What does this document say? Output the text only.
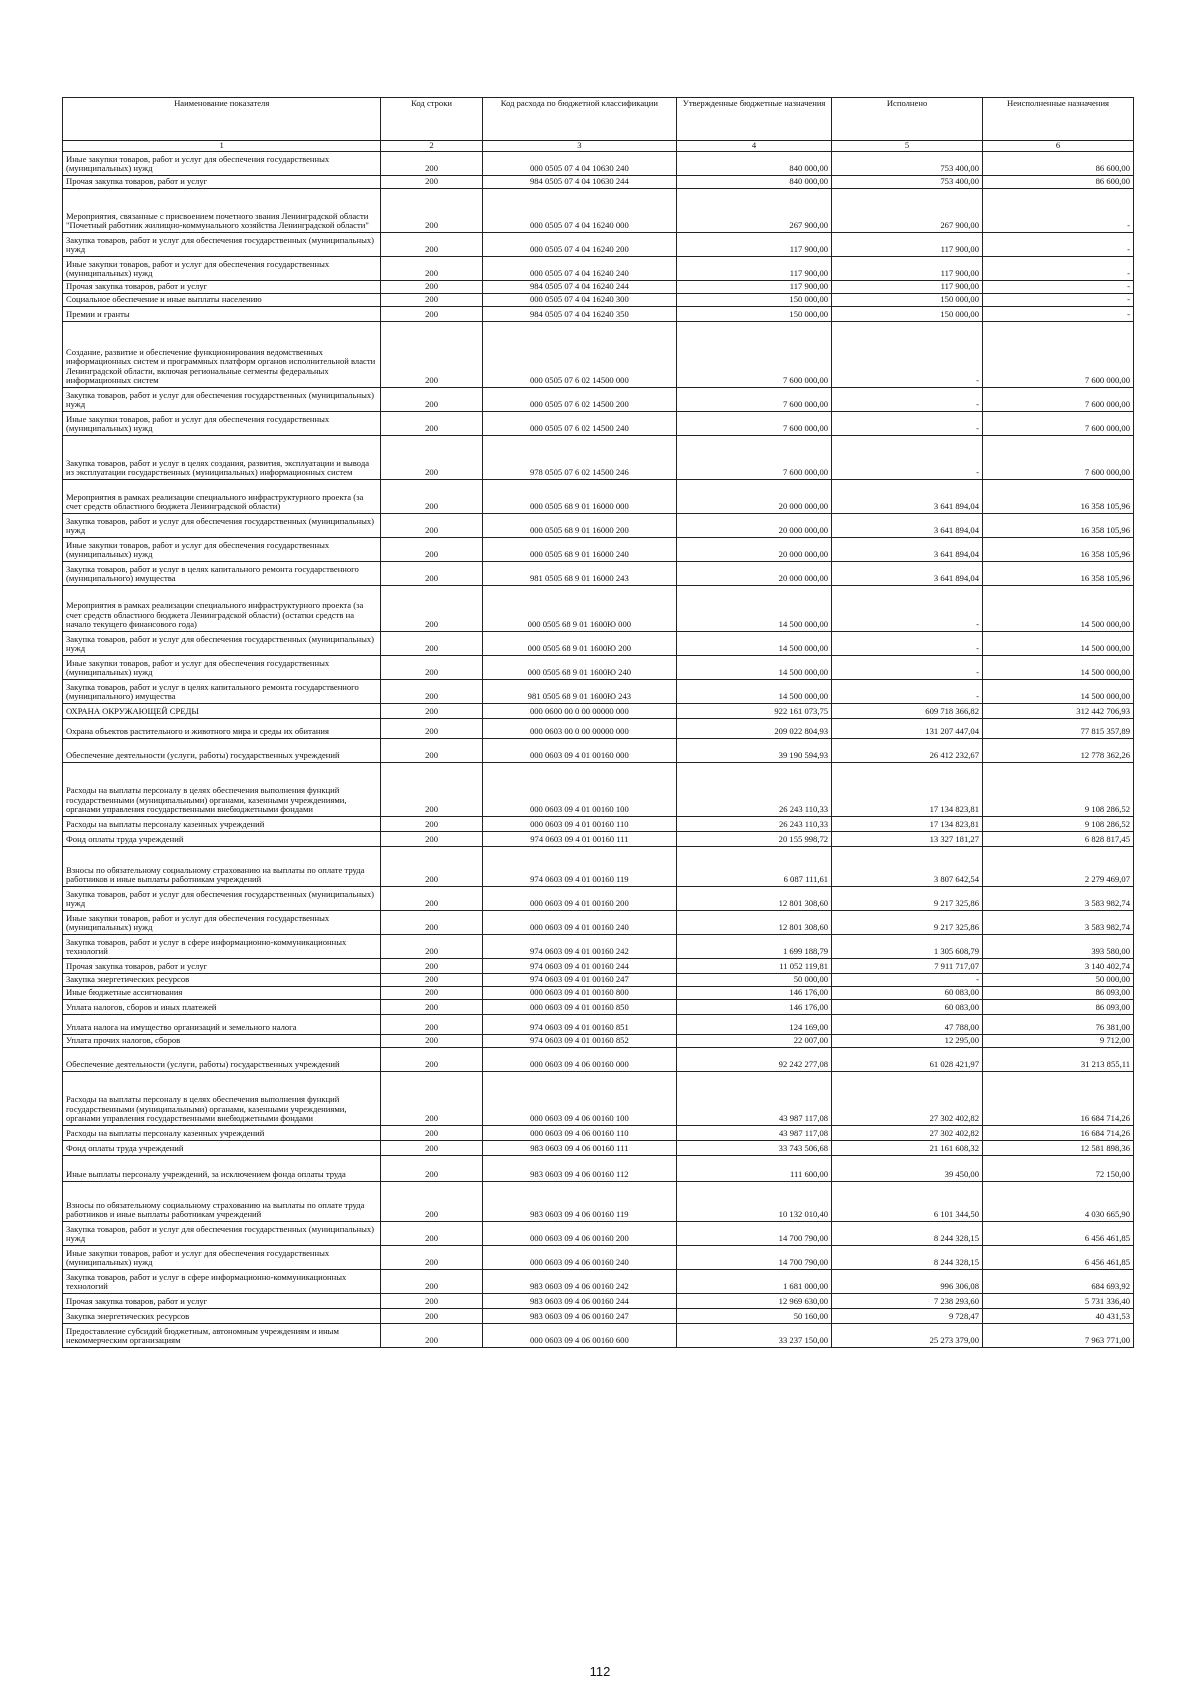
Наименование показателя	Код строки	Код расхода по бюджетной классификации	Утвержденные бюджетные назначения	Исполнено	Неисполненные назначения
1	2	3	4	5	6
Иные закупки товаров, работ и услуг для обеспечения государственных (муниципальных) нужд	200	000 0505 07 4 04 10630 240	840 000,00	753 400,00	86 600,00
Прочая закупка товаров, работ и услуг	200	984 0505 07 4 04 10630 244	840 000,00	753 400,00	86 600,00
Мероприятия, связанные с присвоением почетного звания Ленинградской области "Почетный работник жилищно-коммунального хозяйства Ленинградской области"	200	000 0505 07 4 04 16240 000	267 900,00	267 900,00	-
Закупка товаров, работ и услуг для обеспечения государственных (муниципальных) нужд	200	000 0505 07 4 04 16240 200	117 900,00	117 900,00	-
Иные закупки товаров, работ и услуг для обеспечения государственных (муниципальных) нужд	200	000 0505 07 4 04 16240 240	117 900,00	117 900,00	-
Прочая закупка товаров, работ и услуг	200	984 0505 07 4 04 16240 244	117 900,00	117 900,00	-
Социальное обеспечение и иные выплаты населению	200	000 0505 07 4 04 16240 300	150 000,00	150 000,00	-
Премии и гранты	200	984 0505 07 4 04 16240 350	150 000,00	150 000,00	-
Создание, развитие и обеспечение функционирования ведомственных информационных систем и программных платформ органов исполнительной власти Ленинградской области, включая региональные сегменты федеральных информационных систем	200	000 0505 07 6 02 14500 000	7 600 000,00	-	7 600 000,00
Закупка товаров, работ и услуг для обеспечения государственных (муниципальных) нужд	200	000 0505 07 6 02 14500 200	7 600 000,00	-	7 600 000,00
Иные закупки товаров, работ и услуг для обеспечения государственных (муниципальных) нужд	200	000 0505 07 6 02 14500 240	7 600 000,00	-	7 600 000,00
Закупка товаров, работ и услуг в целях создания, развития, эксплуатации и вывода из эксплуатации государственных (муниципальных) информационных систем	200	978 0505 07 6 02 14500 246	7 600 000,00	-	7 600 000,00
Мероприятия в рамках реализации специального инфраструктурного проекта (за счет средств областного бюджета Ленинградской области)	200	000 0505 68 9 01 16000 000	20 000 000,00	3 641 894,04	16 358 105,96
Закупка товаров, работ и услуг для обеспечения государственных (муниципальных) нужд	200	000 0505 68 9 01 16000 200	20 000 000,00	3 641 894,04	16 358 105,96
Иные закупки товаров, работ и услуг для обеспечения государственных (муниципальных) нужд	200	000 0505 68 9 01 16000 240	20 000 000,00	3 641 894,04	16 358 105,96
Закупка товаров, работ и услуг в целях капитального ремонта государственного (муниципального) имущества	200	981 0505 68 9 01 16000 243	20 000 000,00	3 641 894,04	16 358 105,96
Мероприятия в рамках реализации специального инфраструктурного проекта (за счет средств областного бюджета Ленинградской области) (остатки средств на начало текущего финансового года)	200	000 0505 68 9 01 1600Ю 000	14 500 000,00	-	14 500 000,00
Закупка товаров, работ и услуг для обеспечения государственных (муниципальных) нужд	200	000 0505 68 9 01 1600Ю 200	14 500 000,00	-	14 500 000,00
Иные закупки товаров, работ и услуг для обеспечения государственных (муниципальных) нужд	200	000 0505 68 9 01 1600Ю 240	14 500 000,00	-	14 500 000,00
Закупка товаров, работ и услуг в целях капитального ремонта государственного (муниципального) имущества	200	981 0505 68 9 01 1600Ю 243	14 500 000,00	-	14 500 000,00
ОХРАНА ОКРУЖАЮЩЕЙ СРЕДЫ	200	000 0600 00 0 00 00000 000	922 161 073,75	609 718 366,82	312 442 706,93
Охрана объектов растительного и животного мира и среды их обитания	200	000 0603 00 0 00 00000 000	209 022 804,93	131 207 447,04	77 815 357,89
Обеспечение деятельности (услуги, работы) государственных учреждений	200	000 0603 09 4 01 00160 000	39 190 594,93	26 412 232,67	12 778 362,26
Расходы на выплаты персоналу в целях обеспечения выполнения функций государственными (муниципальными) органами, казенными учреждениями, органами управления государственными внебюджетными фондами	200	000 0603 09 4 01 00160 100	26 243 110,33	17 134 823,81	9 108 286,52
Расходы на выплаты персоналу казенных учреждений	200	000 0603 09 4 01 00160 110	26 243 110,33	17 134 823,81	9 108 286,52
Фонд оплаты труда учреждений	200	974 0603 09 4 01 00160 111	20 155 998,72	13 327 181,27	6 828 817,45
Взносы по обязательному социальному страхованию на выплаты по оплате труда работников и иные выплаты работникам учреждений	200	974 0603 09 4 01 00160 119	6 087 111,61	3 807 642,54	2 279 469,07
Закупка товаров, работ и услуг для обеспечения государственных (муниципальных) нужд	200	000 0603 09 4 01 00160 200	12 801 308,60	9 217 325,86	3 583 982,74
Иные закупки товаров, работ и услуг для обеспечения государственных (муниципальных) нужд	200	000 0603 09 4 01 00160 240	12 801 308,60	9 217 325,86	3 583 982,74
Закупка товаров, работ и услуг в сфере информационно-коммуникационных технологий	200	974 0603 09 4 01 00160 242	1 699 188,79	1 305 608,79	393 580,00
Прочая закупка товаров, работ и услуг	200	974 0603 09 4 01 00160 244	11 052 119,81	7 911 717,07	3 140 402,74
Закупка энергетических ресурсов	200	974 0603 09 4 01 00160 247	50 000,00	-	50 000,00
Иные бюджетные ассигнования	200	000 0603 09 4 01 00160 800	146 176,00	60 083,00	86 093,00
Уплата налогов, сборов и иных платежей	200	000 0603 09 4 01 00160 850	146 176,00	60 083,00	86 093,00
Уплата налога на имущество организаций и земельного налога	200	974 0603 09 4 01 00160 851	124 169,00	47 788,00	76 381,00
Уплата прочих налогов, сборов	200	974 0603 09 4 01 00160 852	22 007,00	12 295,00	9 712,00
Обеспечение деятельности (услуги, работы) государственных учреждений	200	000 0603 09 4 06 00160 000	92 242 277,08	61 028 421,97	31 213 855,11
Расходы на выплаты персоналу в целях обеспечения выполнения функций государственными (муниципальными) органами, казенными учреждениями, органами управления государственными внебюджетными фондами	200	000 0603 09 4 06 00160 100	43 987 117,08	27 302 402,82	16 684 714,26
Расходы на выплаты персоналу казенных учреждений	200	000 0603 09 4 06 00160 110	43 987 117,08	27 302 402,82	16 684 714,26
Фонд оплаты труда учреждений	200	983 0603 09 4 06 00160 111	33 743 506,68	21 161 608,32	12 581 898,36
Иные выплаты персоналу учреждений, за исключением фонда оплаты труда	200	983 0603 09 4 06 00160 112	111 600,00	39 450,00	72 150,00
Взносы по обязательному социальному страхованию на выплаты по оплате труда работников и иные выплаты работникам учреждений	200	983 0603 09 4 06 00160 119	10 132 010,40	6 101 344,50	4 030 665,90
Закупка товаров, работ и услуг для обеспечения государственных (муниципальных) нужд	200	000 0603 09 4 06 00160 200	14 700 790,00	8 244 328,15	6 456 461,85
Иные закупки товаров, работ и услуг для обеспечения государственных (муниципальных) нужд	200	000 0603 09 4 06 00160 240	14 700 790,00	8 244 328,15	6 456 461,85
Закупка товаров, работ и услуг в сфере информационно-коммуникационных технологий	200	983 0603 09 4 06 00160 242	1 681 000,00	996 306,08	684 693,92
Прочая закупка товаров, работ и услуг	200	983 0603 09 4 06 00160 244	12 969 630,00	7 238 293,60	5 731 336,40
Закупка энергетических ресурсов	200	983 0603 09 4 06 00160 247	50 160,00	9 728,47	40 431,53
Предоставление субсидий бюджетным, автономным учреждениям и иным некоммерческим организациям	200	000 0603 09 4 06 00160 600	33 237 150,00	25 273 379,00	7 963 771,00
112
